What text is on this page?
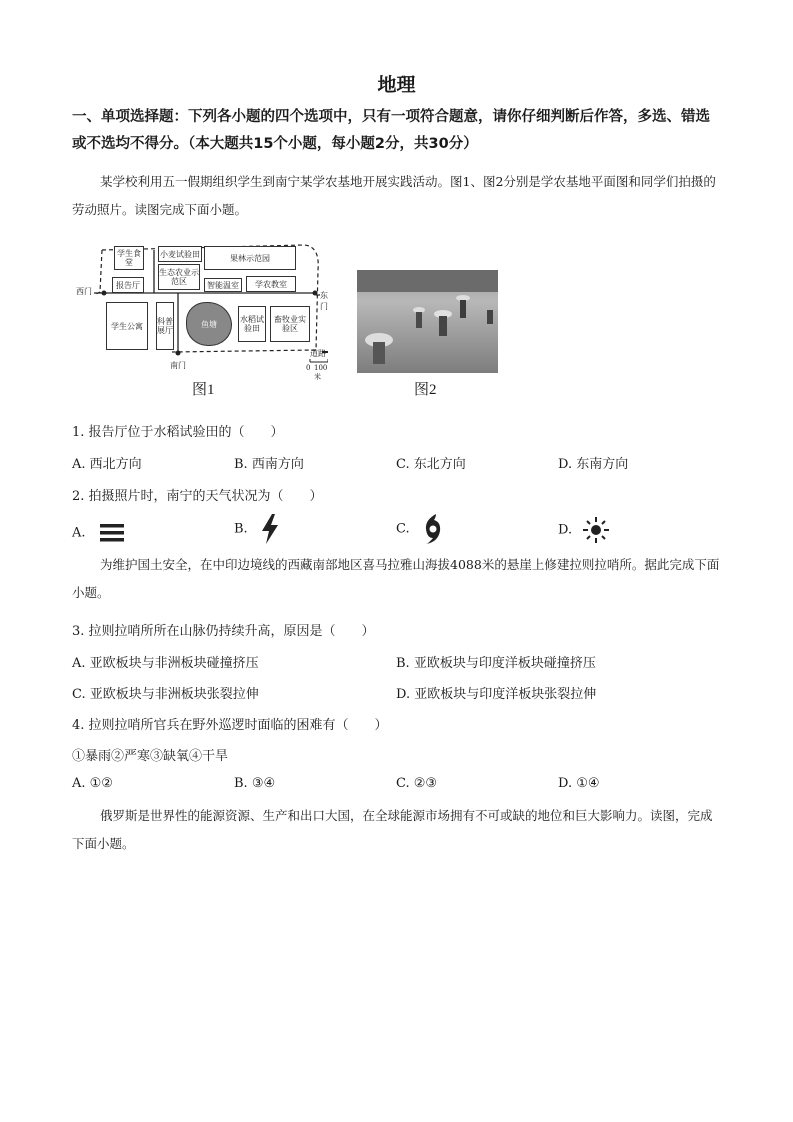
地理
一、单项选择题：下列各小题的四个选项中，只有一项符合题意，请你仔细判断后作答，多选、错选或不选均不得分。（本大题共15个小题，每小题2分，共30分）
某学校利用五一假期组织学生到南宁某学农基地开展实践活动。图1、图2分别是学农基地平面图和同学们拍摄的劳动照片。读图完成下面小题。
学生食堂
小麦试验田	果林示范园
报告厅
生态农业示范区	智能温室	学农教室
学生公寓	科普展厅
鱼塘	水稻试验田
畜牧业实验区
西门	东门
南门
道路
0 100米
图1	图2
1. 报告厅位于水稻试验田的（　　）
A. 西北方向	B. 西南方向	C. 东北方向	D. 东南方向
2. 拍摄照片时，南宁的天气状况为（　　）
A.	B.	C.	D.
为维护国土安全，在中印边境线的西藏南部地区喜马拉雅山海拔4088米的悬崖上修建拉则拉哨所。据此完成下面小题。
3. 拉则拉哨所所在山脉仍持续升高，原因是（　　）
A. 亚欧板块与非洲板块碰撞挤压	B. 亚欧板块与印度洋板块碰撞挤压
C. 亚欧板块与非洲板块张裂拉伸	D. 亚欧板块与印度洋板块张裂拉伸
4. 拉则拉哨所官兵在野外巡逻时面临的困难有（　　）
①暴雨②严寒③缺氧④干旱
A. ①②	B. ③④	C. ②③	D. ①④
俄罗斯是世界性的能源资源、生产和出口大国，在全球能源市场拥有不可或缺的地位和巨大影响力。读图，完成下面小题。
